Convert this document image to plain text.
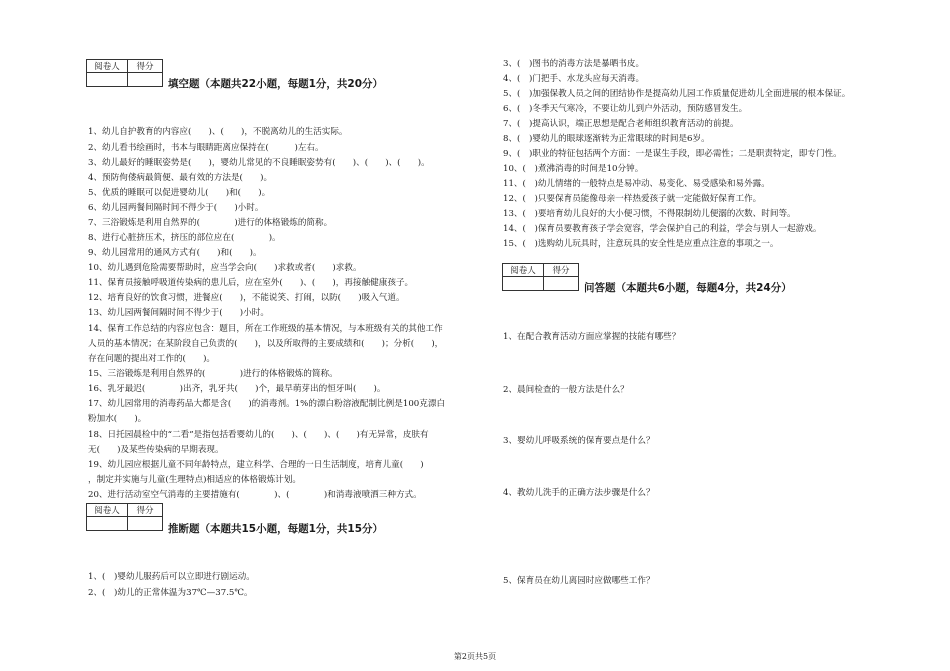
阅卷人	得分

填空题（本题共22小题，每题1分，共20分）
1、幼儿自护教育的内容应(　　)、(　　)，不脱离幼儿的生活实际。
2、幼儿看书绘画时，书本与眼睛距离应保持在(　　　)左右。
3、幼儿最好的睡眠姿势是(　　)，婴幼儿常见的不良睡眠姿势有(　　)、(　　)、(　　)。
4、预防佝偻病最简便、最有效的方法是(　　)。
5、优质的睡眠可以促进婴幼儿(　　)和(　　)。
6、幼儿园两餐间隔时间不得少于(　　)小时。
7、三浴锻炼是利用自然界的(　　　　)进行的体格锻炼的简称。
8、进行心脏挤压术，挤压的部位应在(　　　　)。
9、幼儿园常用的通风方式有(　　)和(　　)。
10、幼儿遇到危险需要帮助时，应当学会向(　　)求救或者(　　)求救。
11、保育员接触呼吸道传染病的患儿后，应在室外(　　)、(　　)，再接触健康孩子。
12、培育良好的饮食习惯，进餐应(　　)，不能说笑、打闹，以防(　　)吸入气道。
13、幼儿园两餐间隔时间不得少于(　　)小时。
14、保育工作总结的内容应包含：题目，所在工作班级的基本情况，与本班级有关的其他工作
人员的基本情况；在某阶段自己负责的(　　)，以及所取得的主要成绩和(　　)；分析(　　)，
存在问题的提出对工作的(　　)。
15、三浴锻炼是利用自然界的(　　　　)进行的体格锻炼的简称。
16、乳牙最迟(　　　　)出齐，乳牙共(　　)个，最早萌芽出的恒牙叫(　　)。
17、幼儿园常用的消毒药品大都是含(　　)的消毒剂。1%的漂白粉溶液配制比例是100克漂白
粉加水(　　)。
18、日托园晨检中的“二看”是指包括看婴幼儿的(　　)、(　　)、(　　)有无异常，皮肤有
无(　　)及某些传染病的早期表现。
19、幼儿园应根据儿童不同年龄特点，建立科学、合理的一日生活制度，培育儿童(　　)
，制定并实施与儿童(生理特点)相适应的体格锻炼计划。
20、进行活动室空气消毒的主要措施有(　　　　)、(　　　　)和消毒液喷洒三种方式。
阅卷人	得分

推断题（本题共15小题，每题1分，共15分）
1、(　)婴幼儿服药后可以立即进行剧运动。
2、(　)幼儿的正常体温为37℃—37.5℃。
3、(　)图书的消毒方法是暴晒书皮。
4、(　)门把手、水龙头应每天消毒。
5、(　)加强保教人员之间的团结协作是提高幼儿园工作质量促进幼儿全面进展的根本保证。
6、(　)冬季天气寒冷，不要让幼儿到户外活动，预防感冒发生。
7、(　)提高认识，端正思想是配合老师组织教育活动的前提。
8、(　)婴幼儿的眼球逐渐转为正常眼球的时间是6岁。
9、(　)职业的特征包括两个方面：一是谋生手段，即必需性；二是职责特定，即专门性。
10、(　)煮沸消毒的时间是10分钟。
11、(　)幼儿情绪的一般特点是易冲动、易变化、易受感染和易外露。
12、(　)只要保育员能像母亲一样热爱孩子就一定能做好保育工作。
13、(　)要培育幼儿良好的大小便习惯，不得限制幼儿便溺的次数、时间等。
14、(　)保育员要教育孩子学会宽容，学会保护自己的利益，学会与别人一起游戏。
15、(　)选购幼儿玩具时，注意玩具的安全性是应重点注意的事项之一。
阅卷人	得分

问答题（本题共6小题，每题4分，共24分）
1、在配合教育活动方面应掌握的技能有哪些？
2、晨间检查的一般方法是什么？
3、婴幼儿呼吸系统的保育要点是什么？
4、教幼儿洗手的正确方法步骤是什么？
5、保育员在幼儿离园时应做哪些工作？
第2页共5页
